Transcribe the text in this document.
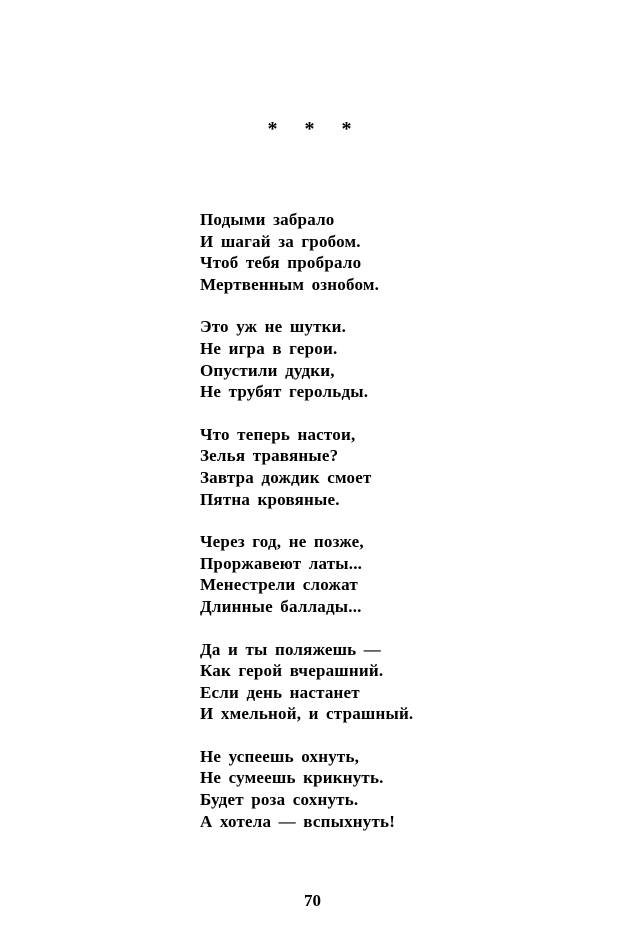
* * *
Подыми забрало
И шагай за гробом.
Чтоб тебя пробрало
Мертвенным ознобом.
Это уж не шутки.
Не игра в герои.
Опустили дудки,
Не трубят герольды.
Что теперь настои,
Зелья травяные?
Завтра дождик смоет
Пятна кровяные.
Через год, не позже,
Проржавеют латы...
Менестрели сложат
Длинные баллады...
Да и ты поляжешь —
Как герой вчерашний.
Если день настанет
И хмельной, и страшный.
Не успеешь охнуть,
Не сумеешь крикнуть.
Будет роза сохнуть.
А хотела — вспыхнуть!
70
